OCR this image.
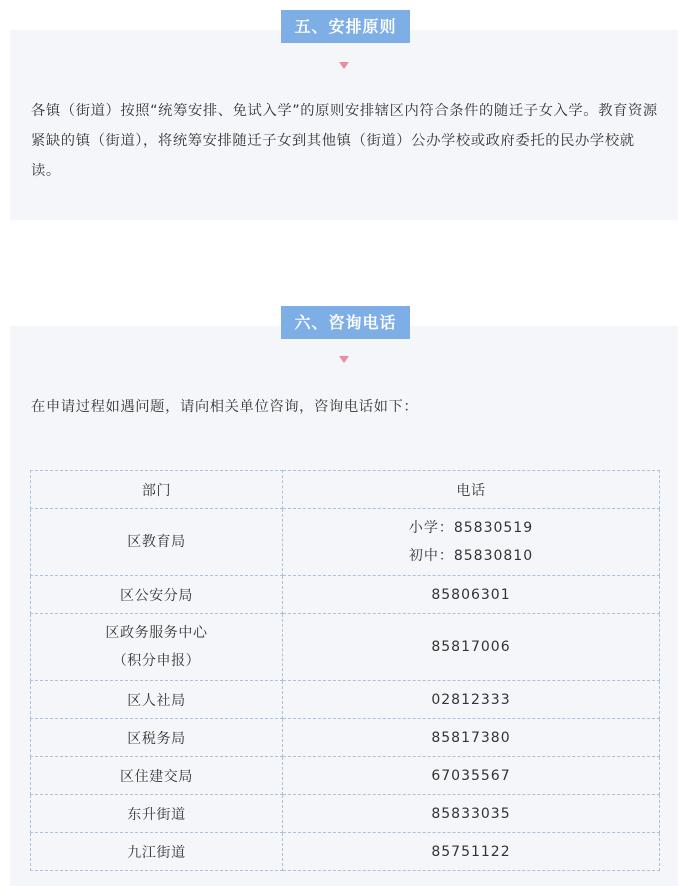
五、安排原则

各镇（街道）按照“统筹安排、免试入学”的原则安排辖区内符合条件的随迁子女入学。教育资源紧缺的镇（街道），将统筹安排随迁子女到其他镇（街道）公办学校或政府委托的民办学校就读。

六、咨询电话

在申请过程如遇问题，请向相关单位咨询，咨询电话如下：

部门	电话

区教育局	小学：85830519
初中：85830810

区公安分局	85806301

区政务服务中心
（积分申报）	85817006

区人社局	02812333

区税务局	85817380

区住建交局	67035567

东升街道	85833035

九江街道	85751122
